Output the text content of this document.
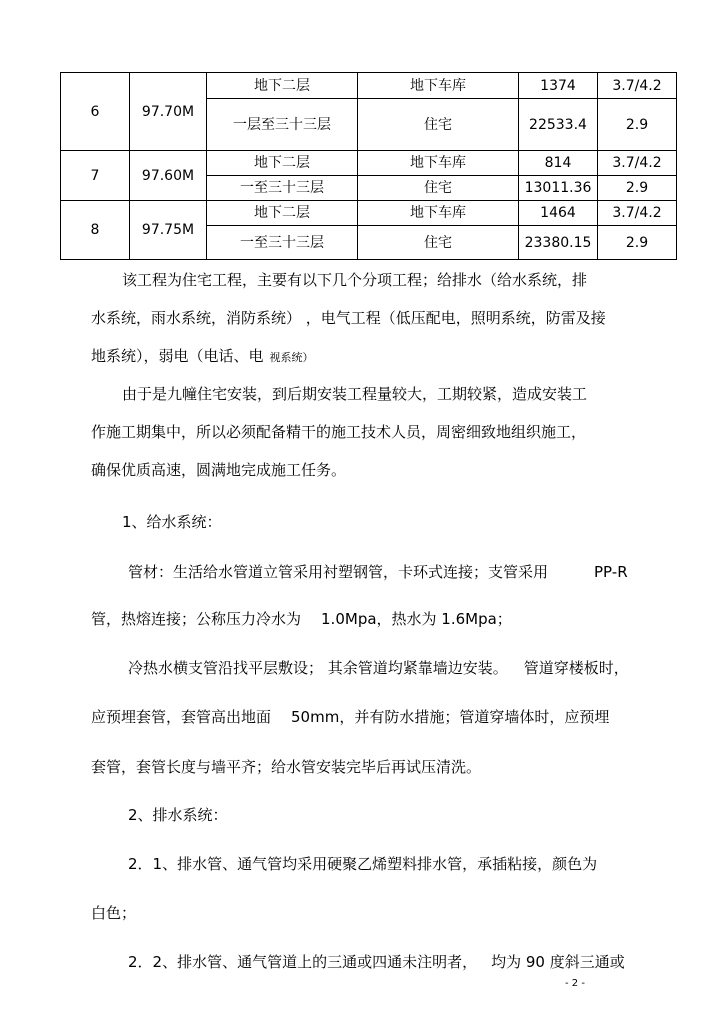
6	97.70M	地下二层	地下车库	1374	3.7/4.2
		一层至三十三层	住宅	22533.4	2.9
7	97.60M	地下二层	地下车库	814	3.7/4.2
		一至三十三层	住宅	13011.36	2.9
8	97.75M	地下二层	地下车库	1464	3.7/4.2
		一至三十三层	住宅	23380.15	2.9
该工程为住宅工程，主要有以下几个分项工程；给排水（给水系统，排
水系统，雨水系统，消防系统） ，电气工程（低压配电，照明系统，防雷及接
地系统），弱电（电话、电 视系统）
由于是九幢住宅安装，到后期安装工程量较大，工期较紧，造成安装工
作施工期集中，所以必须配备精干的施工技术人员，周密细致地组织施工，
确保优质高速，圆满地完成施工任务。
1、给水系统：
管材：生活给水管道立管采用衬塑钢管，卡环式连接；支管采用	PP-R
管，热熔连接；公称压力冷水为 1.0Mpa，热水为 1.6Mpa；
冷热水横支管沿找平层敷设； 其余管道均紧靠墙边安装。 管道穿楼板时，
应预埋套管，套管高出地面 50mm，并有防水措施；管道穿墙体时，应预埋
套管，套管长度与墙平齐；给水管安装完毕后再试压清洗。
2、排水系统：
2．1、排水管、通气管均采用硬聚乙烯塑料排水管，承插粘接，颜色为
白色；
2．2、排水管、通气管道上的三通或四通未注明者， 均为 90 度斜三通或
- 2 -
